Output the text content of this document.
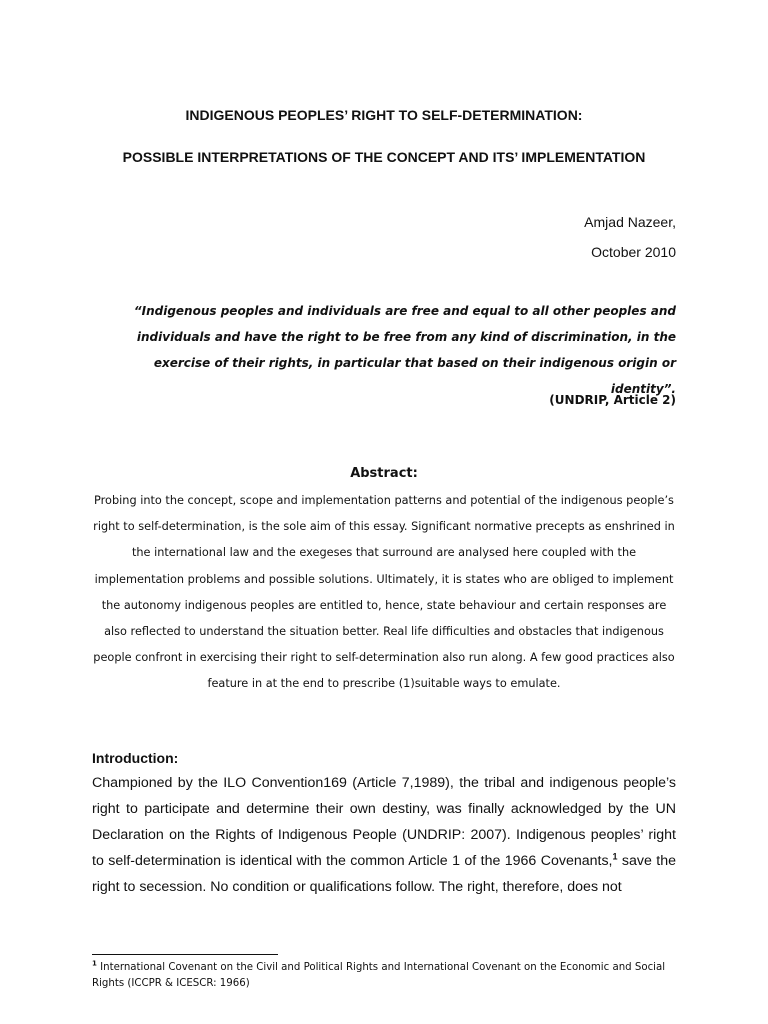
INDIGENOUS PEOPLES’ RIGHT TO SELF-DETERMINATION:
POSSIBLE INTERPRETATIONS OF THE CONCEPT AND ITS’ IMPLEMENTATION
Amjad Nazeer,
October 2010

“Indigenous peoples and individuals are free and equal to all other peoples and individuals and have the right to be free from any kind of discrimination, in the exercise of their rights, in particular that based on their indigenous origin or identity”.

(UNDRIP, Article 2)
Abstract:

Probing into the concept, scope and implementation patterns and potential of the indigenous people’s right to self-determination, is the sole aim of this essay. Significant normative precepts as enshrined in the international law and the exegeses that surround are analysed here coupled with the implementation problems and possible solutions. Ultimately, it is states who are obliged to implement the autonomy indigenous peoples are entitled to, hence, state behaviour and certain responses are also reflected to understand the situation better. Real life difficulties and obstacles that indigenous people confront in exercising their right to self-determination also run along. A few good practices also feature in at the end to prescribe (1)suitable ways to emulate.

Introduction:

Championed by the ILO Convention169 (Article 7,1989), the tribal and indigenous people’s right to participate and determine their own destiny, was finally acknowledged by the UN Declaration on the Rights of Indigenous People (UNDRIP: 2007). Indigenous peoples’ right to self-determination is identical with the common Article 1 of the 1966 Covenants,$^1$ save the right to secession. No condition or qualifications follow. The right, therefore, does not

$^1$ International Covenant on the Civil and Political Rights and International Covenant on the Economic and Social Rights (ICCPR & ICESCR: 1966)
